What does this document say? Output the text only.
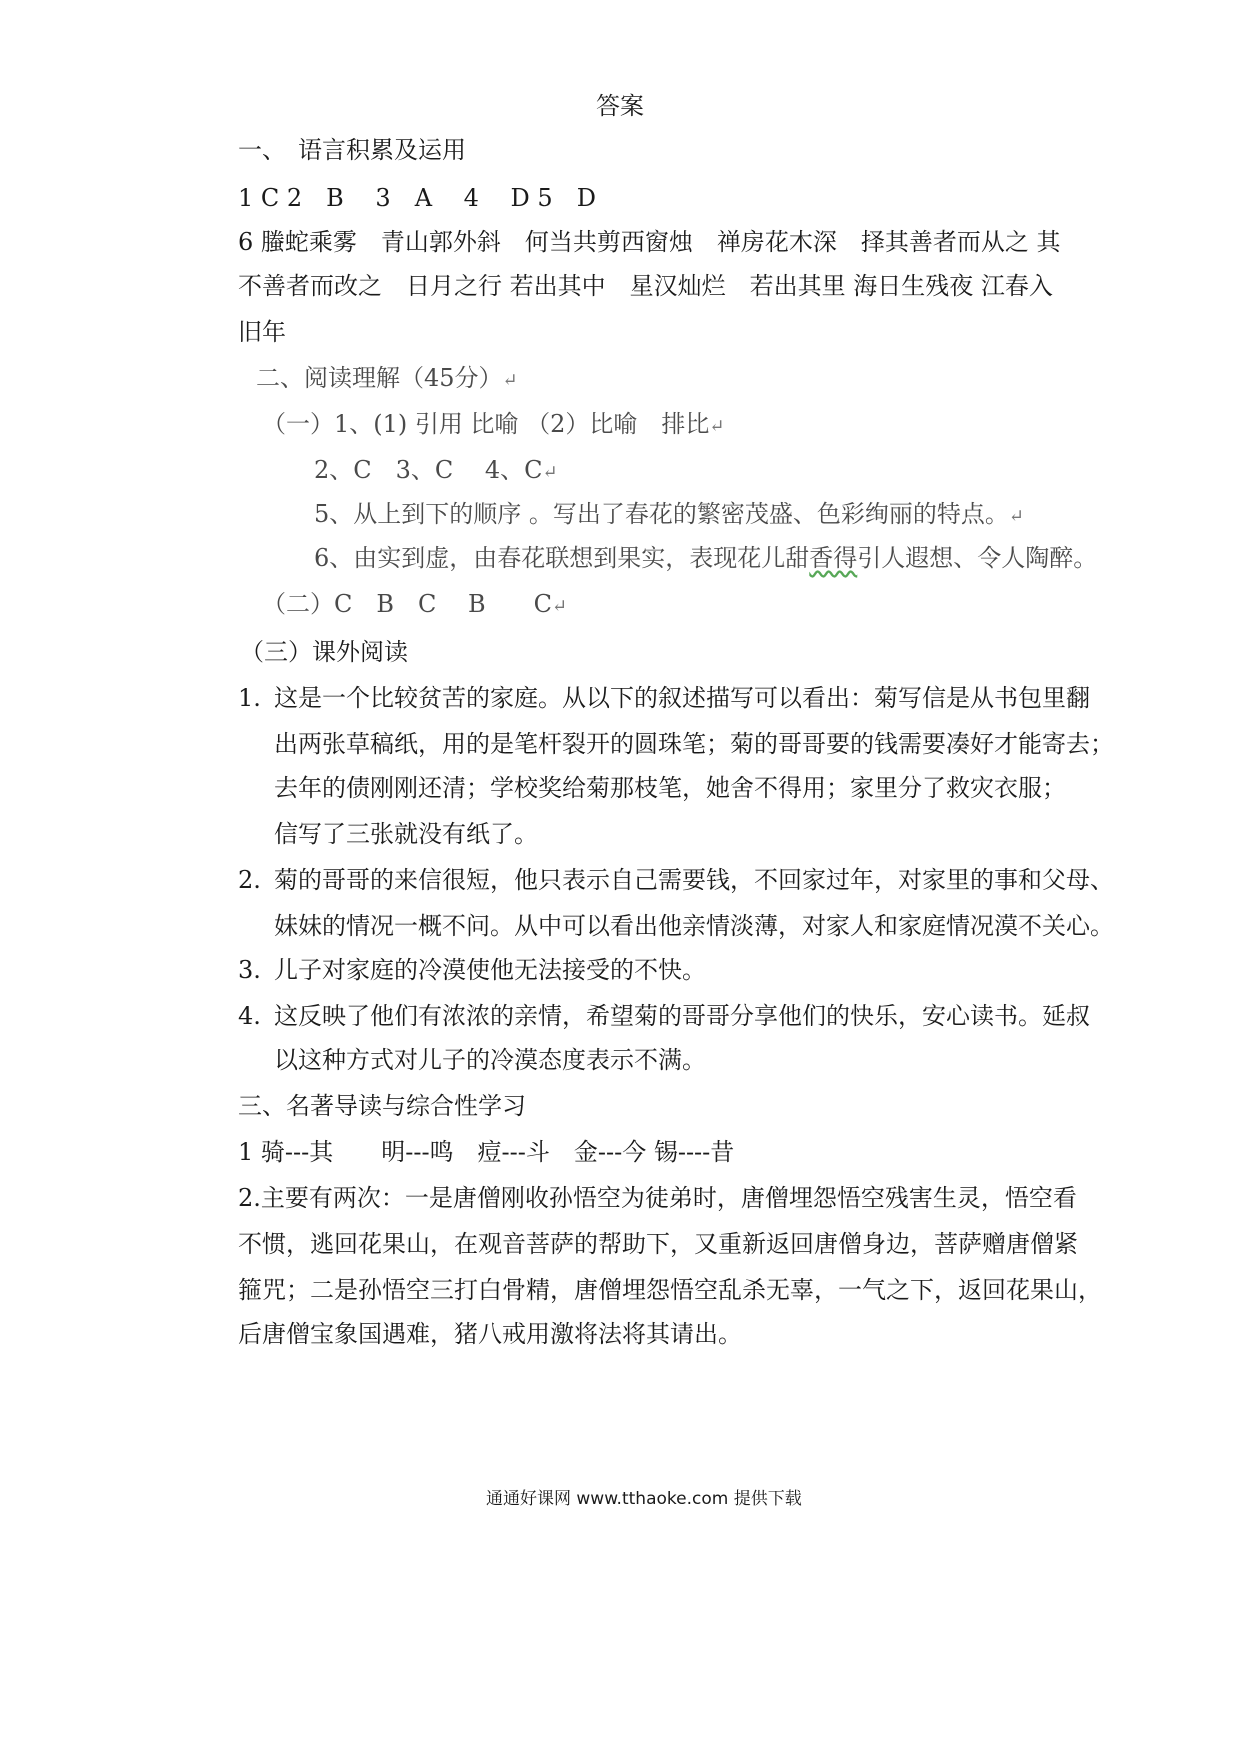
答案
一、　语言积累及运用
1 C 2　B　 3　A　 4　 D 5　D
6 螣蛇乘雾　青山郭外斜　何当共剪西窗烛　禅房花木深　择其善者而从之 其
不善者而改之　日月之行 若出其中　星汉灿烂　若出其里 海日生残夜 江春入
旧年
二、阅读理解（45分）↵
（一）1、(1) 引用 比喻 （2）比喻　排比↵
2、C　3、C　 4、C↵
5、从上到下的顺序 。写出了春花的繁密茂盛、色彩绚丽的特点。↵
6、由实到虚，由春花联想到果实，表现花儿甜香得引人遐想、令人陶醉。
（二）C　B　C　 B　　C↵
（三）课外阅读
1. 这是一个比较贫苦的家庭。从以下的叙述描写可以看出：菊写信是从书包里翻
出两张草稿纸，用的是笔杆裂开的圆珠笔；菊的哥哥要的钱需要凑好才能寄去；
去年的债刚刚还清；学校奖给菊那枝笔，她舍不得用；家里分了救灾衣服；
信写了三张就没有纸了。
2. 菊的哥哥的来信很短，他只表示自己需要钱，不回家过年，对家里的事和父母、
妹妹的情况一概不问。从中可以看出他亲情淡薄，对家人和家庭情况漠不关心。
3. 儿子对家庭的冷漠使他无法接受的不快。
4. 这反映了他们有浓浓的亲情，希望菊的哥哥分享他们的快乐，安心读书。延叔
以这种方式对儿子的冷漠态度表示不满。
三、名著导读与综合性学习
1 骑---其　　明---鸣　痘---斗　金---今 锡----昔
2.主要有两次：一是唐僧刚收孙悟空为徒弟时，唐僧埋怨悟空残害生灵，悟空看
不惯，逃回花果山，在观音菩萨的帮助下，又重新返回唐僧身边，菩萨赠唐僧紧
箍咒；二是孙悟空三打白骨精，唐僧埋怨悟空乱杀无辜，一气之下，返回花果山，
后唐僧宝象国遇难，猪八戒用激将法将其请出。
通通好课网 www.tthaoke.com 提供下载
